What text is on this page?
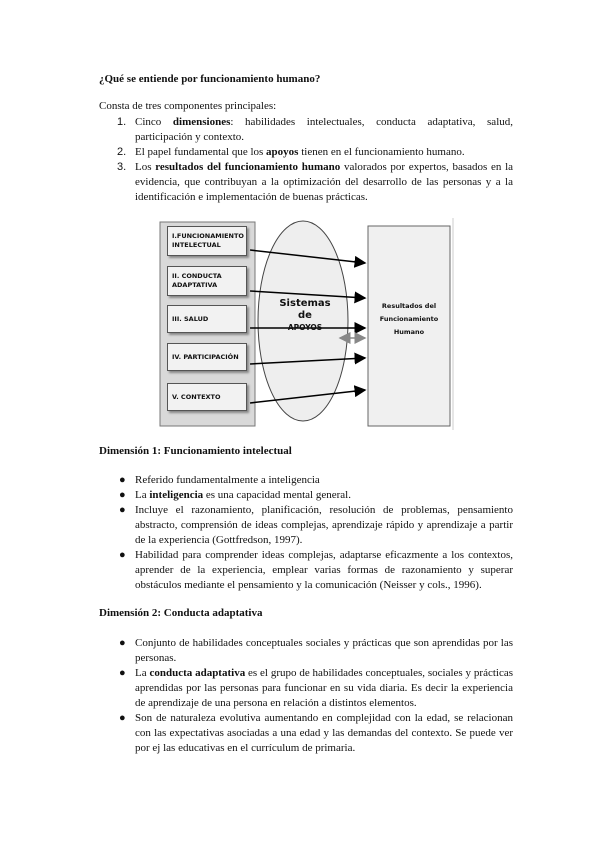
¿Qué se entiende por funcionamiento humano?
Consta de tres componentes principales:
1. Cinco dimensiones: habilidades intelectuales, conducta adaptativa, salud, participación y contexto.
2. El papel fundamental que los apoyos tienen en el funcionamiento humano.
3. Los resultados del funcionamiento humano valorados por expertos, basados en la evidencia, que contribuyan a la optimización del desarrollo de las personas y a la identificación e implementación de buenas prácticas.
I.FUNCIONAMIENTO INTELECTUAL
II. CONDUCTA ADAPTATIVA
III. SALUD
IV. PARTICIPACIÓN
V. CONTEXTO
Sistemas
de
APOYOS
Resultados del Funcionamiento Humano
Dimensión 1: Funcionamiento intelectual
● Referido fundamentalmente a inteligencia
● La inteligencia es una capacidad mental general.
● Incluye el razonamiento, planificación, resolución de problemas, pensamiento abstracto, comprensión de ideas complejas, aprendizaje rápido y aprendizaje a partir de la experiencia (Gottfredson, 1997).
● Habilidad para comprender ideas complejas, adaptarse eficazmente a los contextos, aprender de la experiencia, emplear varias formas de razonamiento y superar obstáculos mediante el pensamiento y la comunicación (Neisser y cols., 1996).
Dimensión 2: Conducta adaptativa
● Conjunto de habilidades conceptuales sociales y prácticas que son aprendidas por las personas.
● La conducta adaptativa es el grupo de habilidades conceptuales, sociales y prácticas aprendidas por las personas para funcionar en su vida diaria. Es decir la experiencia de aprendizaje de una persona en relación a distintos elementos.
● Son de naturaleza evolutiva aumentando en complejidad con la edad, se relacionan con las expectativas asociadas a una edad y las demandas del contexto. Se puede ver por ej las educativas en el currículum de primaria.
